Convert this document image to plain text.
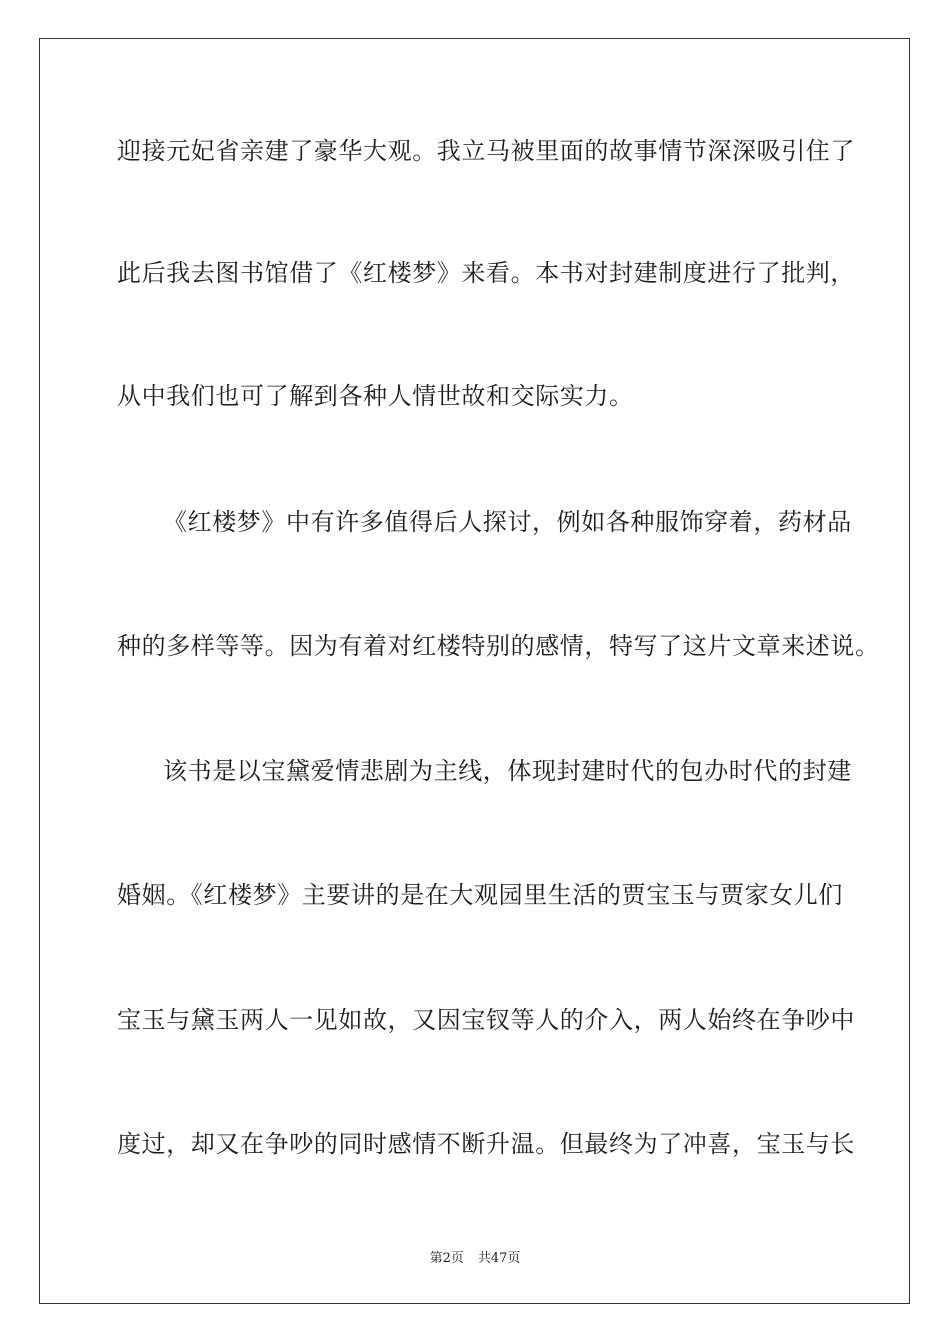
迎接元妃省亲建了豪华大观。我立马被里面的故事情节深深吸引住了
此后我去图书馆借了《红楼梦》来看。本书对封建制度进行了批判，
从中我们也可了解到各种人情世故和交际实力。
《红楼梦》中有许多值得后人探讨，例如各种服饰穿着，药材品
种的多样等等。因为有着对红楼特别的感情，特写了这片文章来述说。
该书是以宝黛爱情悲剧为主线，体现封建时代的包办时代的封建
婚姻。《红楼梦》主要讲的是在大观园里生活的贾宝玉与贾家女儿们
宝玉与黛玉两人一见如故，又因宝钗等人的介入，两人始终在争吵中
度过，却又在争吵的同时感情不断升温。但最终为了冲喜，宝玉与长
第2页 共47页
